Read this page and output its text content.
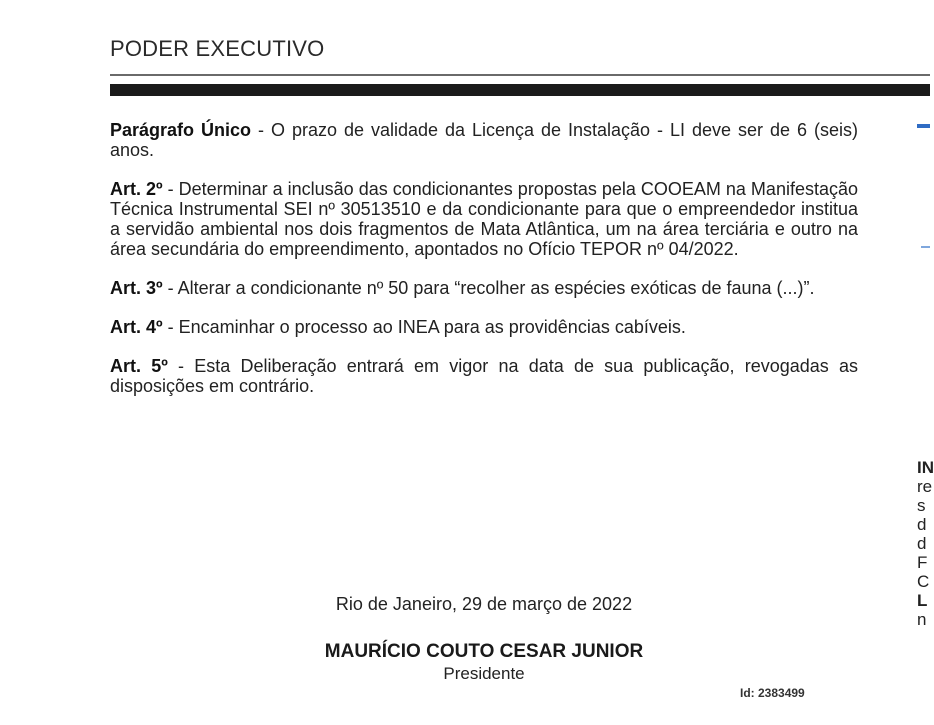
PODER EXECUTIVO

Parágrafo Único - O prazo de validade da Licença de Instalação - LI deve ser de 6 (seis) anos.

Art. 2º - Determinar a inclusão das condicionantes propostas pela COOEAM na Manifestação Técnica Instrumental SEI nº 30513510 e da condicionante para que o empreendedor institua a servidão ambiental nos dois fragmentos de Mata Atlântica, um na área terciária e outro na área secundária do empreendimento, apontados no Ofício TEPOR nº 04/2022.

Art. 3º - Alterar a condicionante nº 50 para “recolher as espécies exóticas de fauna (...)”.

Art. 4º - Encaminhar o processo ao INEA para as providências cabíveis.

Art. 5º - Esta Deliberação entrará em vigor na data de sua publicação, revogadas as disposições em contrário.

Rio de Janeiro, 29 de março de 2022
MAURÍCIO COUTO CESAR JUNIOR
Presidente
Id: 2383499
IN
re
s
d
d
F
C
L
n
